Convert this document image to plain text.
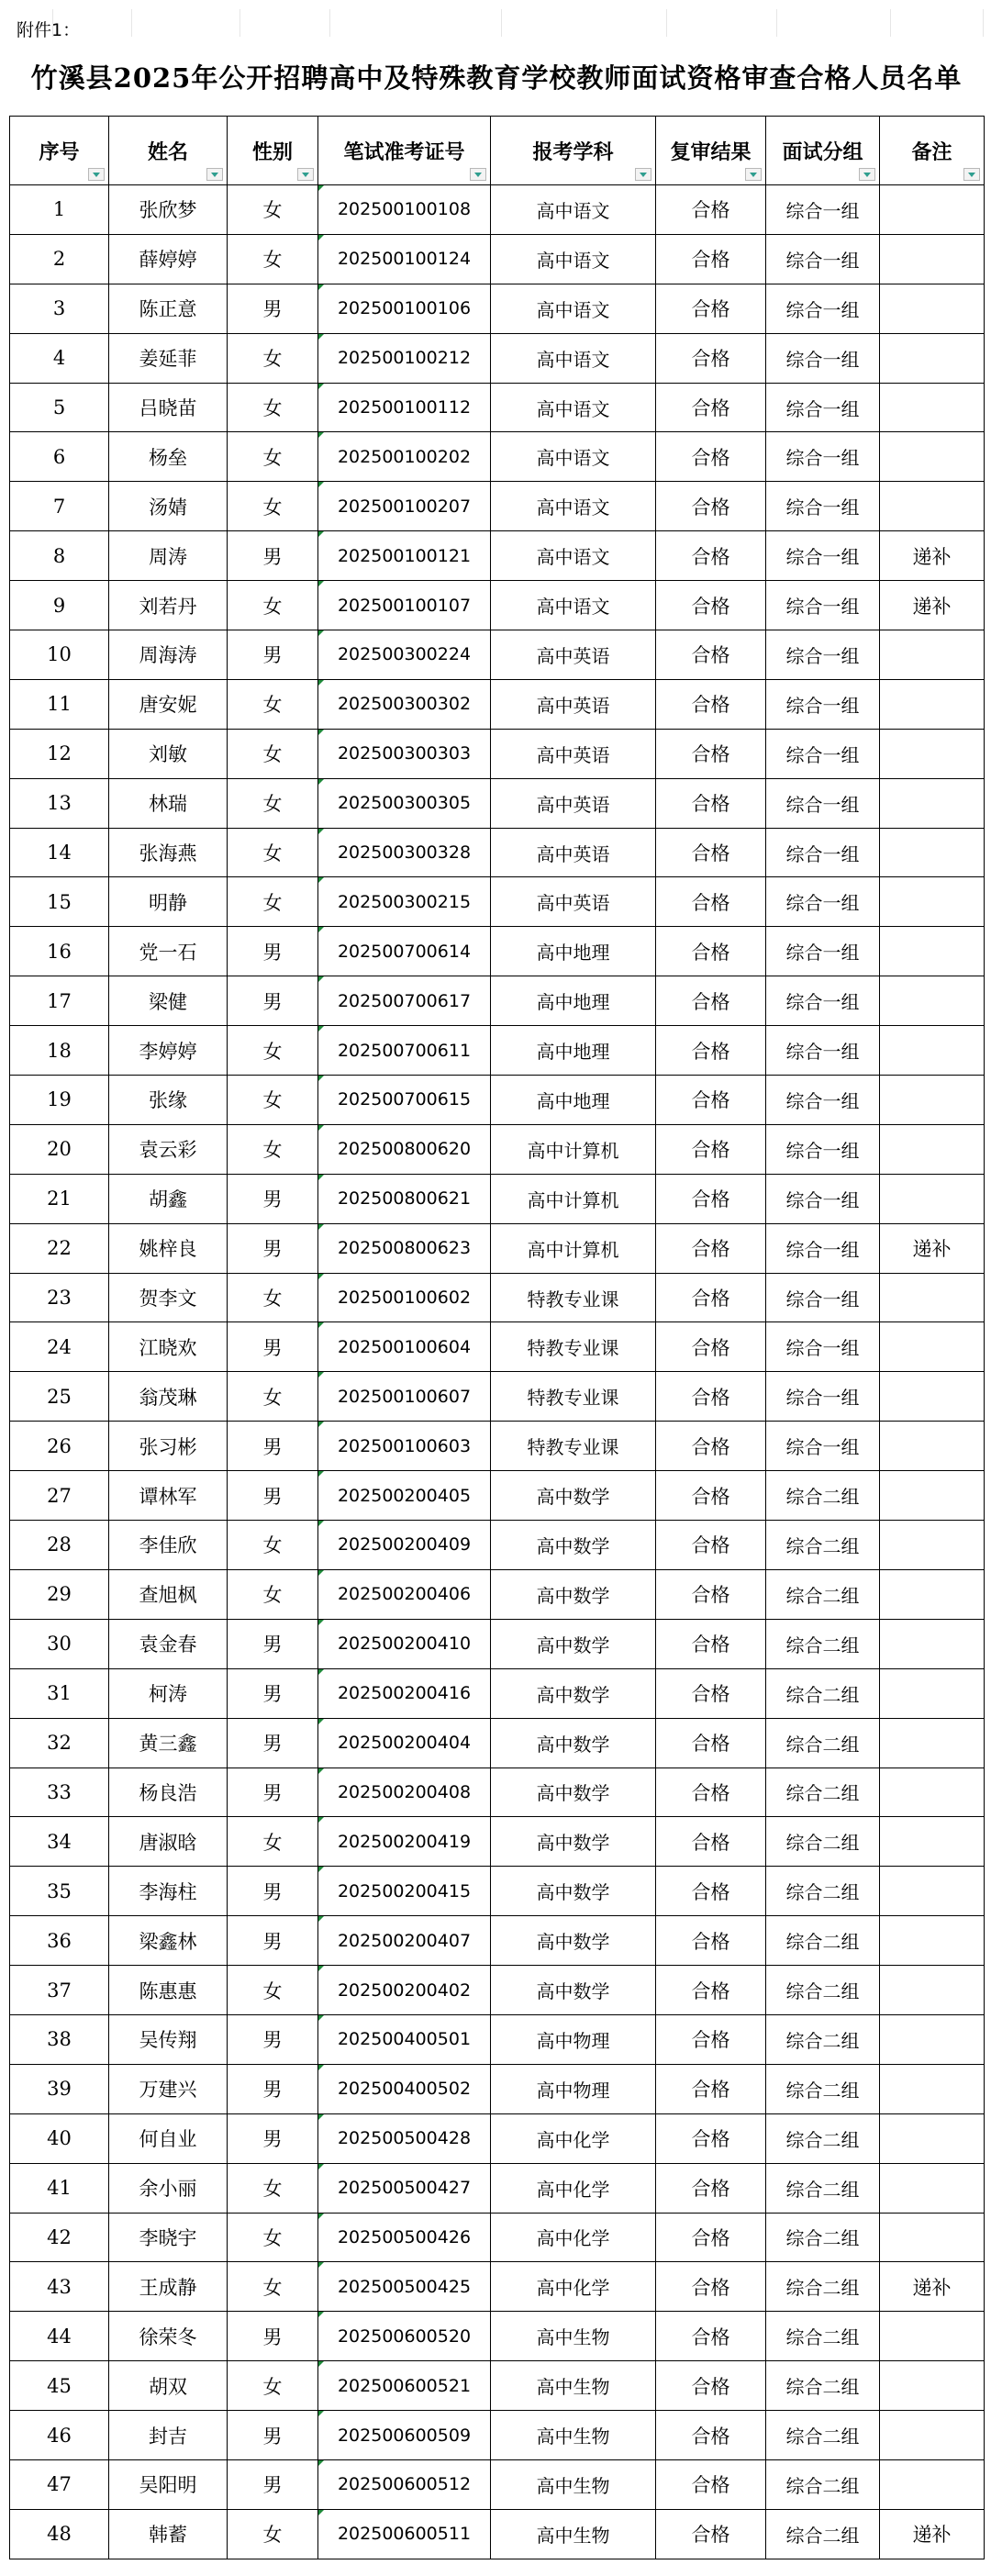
附件1：
竹溪县2025年公开招聘高中及特殊教育学校教师面试资格审查合格人员名单
序号	姓名	性别	笔试准考证号	报考学科	复审结果	面试分组	备注

1	张欣梦	女	202500100108	高中语文	合格	综合一组	
2	薛婷婷	女	202500100124	高中语文	合格	综合一组	
3	陈正意	男	202500100106	高中语文	合格	综合一组	
4	姜延菲	女	202500100212	高中语文	合格	综合一组	
5	吕晓苗	女	202500100112	高中语文	合格	综合一组	
6	杨垒	女	202500100202	高中语文	合格	综合一组	
7	汤婧	女	202500100207	高中语文	合格	综合一组	
8	周涛	男	202500100121	高中语文	合格	综合一组	递补
9	刘若丹	女	202500100107	高中语文	合格	综合一组	递补
10	周海涛	男	202500300224	高中英语	合格	综合一组	
11	唐安妮	女	202500300302	高中英语	合格	综合一组	
12	刘敏	女	202500300303	高中英语	合格	综合一组	
13	林瑞	女	202500300305	高中英语	合格	综合一组	
14	张海燕	女	202500300328	高中英语	合格	综合一组	
15	明静	女	202500300215	高中英语	合格	综合一组	
16	党一石	男	202500700614	高中地理	合格	综合一组	
17	梁健	男	202500700617	高中地理	合格	综合一组	
18	李婷婷	女	202500700611	高中地理	合格	综合一组	
19	张缘	女	202500700615	高中地理	合格	综合一组	
20	袁云彩	女	202500800620	高中计算机	合格	综合一组	
21	胡鑫	男	202500800621	高中计算机	合格	综合一组	
22	姚梓良	男	202500800623	高中计算机	合格	综合一组	递补
23	贺李文	女	202500100602	特教专业课	合格	综合一组	
24	江晓欢	男	202500100604	特教专业课	合格	综合一组	
25	翁茂琳	女	202500100607	特教专业课	合格	综合一组	
26	张习彬	男	202500100603	特教专业课	合格	综合一组	
27	谭林军	男	202500200405	高中数学	合格	综合二组	
28	李佳欣	女	202500200409	高中数学	合格	综合二组	
29	查旭枫	女	202500200406	高中数学	合格	综合二组	
30	袁金春	男	202500200410	高中数学	合格	综合二组	
31	柯涛	男	202500200416	高中数学	合格	综合二组	
32	黄三鑫	男	202500200404	高中数学	合格	综合二组	
33	杨良浩	男	202500200408	高中数学	合格	综合二组	
34	唐淑晗	女	202500200419	高中数学	合格	综合二组	
35	李海柱	男	202500200415	高中数学	合格	综合二组	
36	梁鑫林	男	202500200407	高中数学	合格	综合二组	
37	陈惠惠	女	202500200402	高中数学	合格	综合二组	
38	吴传翔	男	202500400501	高中物理	合格	综合二组	
39	万建兴	男	202500400502	高中物理	合格	综合二组	
40	何自业	男	202500500428	高中化学	合格	综合二组	
41	余小丽	女	202500500427	高中化学	合格	综合二组	
42	李晓宇	女	202500500426	高中化学	合格	综合二组	
43	王成静	女	202500500425	高中化学	合格	综合二组	递补
44	徐荣冬	男	202500600520	高中生物	合格	综合二组	
45	胡双	女	202500600521	高中生物	合格	综合二组	
46	封吉	男	202500600509	高中生物	合格	综合二组	
47	吴阳明	男	202500600512	高中生物	合格	综合二组	
48	韩蓄	女	202500600511	高中生物	合格	综合二组	递补
